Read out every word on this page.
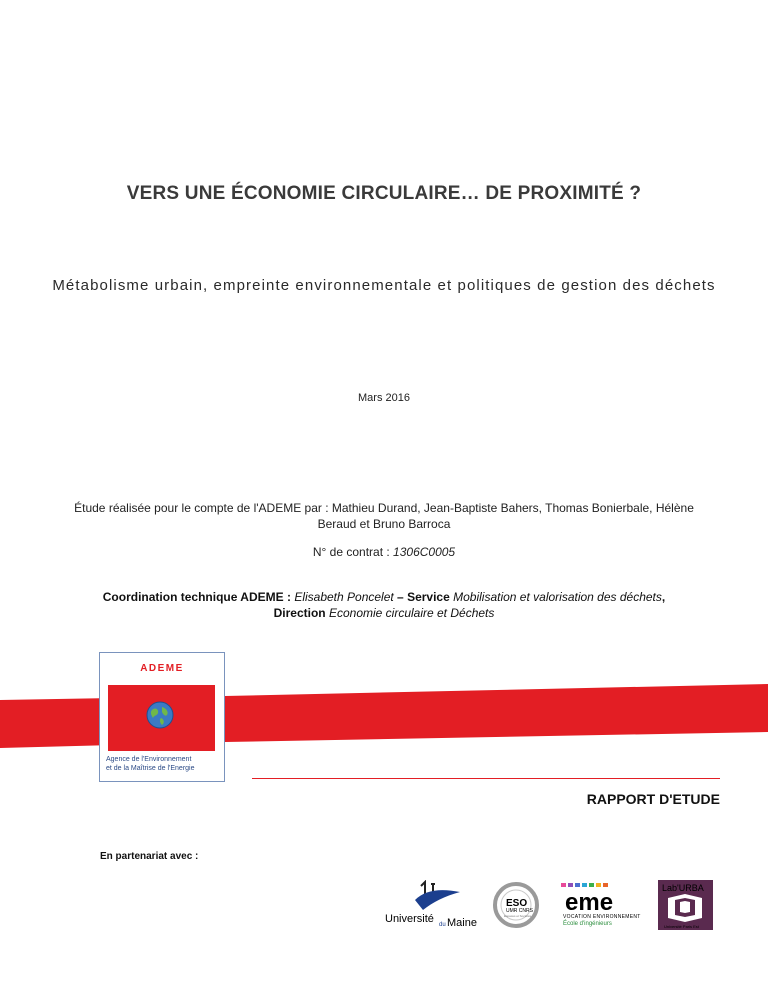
VERS UNE ÉCONOMIE CIRCULAIRE… DE PROXIMITÉ ?
Métabolisme urbain, empreinte environnementale et politiques de gestion des déchets
Mars 2016
Étude réalisée pour le compte de l'ADEME par : Mathieu Durand, Jean-Baptiste Bahers, Thomas Bonierbale, Hélène Beraud et Bruno Barroca
N° de contrat : 1306C0005
Coordination technique ADEME : Elisabeth Poncelet – Service Mobilisation et valorisation des déchets,
Direction Economie circulaire et Déchets
ADEME
Agence de l'Environnement
et de la Maîtrise de l'Energie
RAPPORT D'ETUDE
En partenariat avec :
Université du Maine
ESO
UMR CNRS
Espaces et Sociétés eme
VOCATION ENVIRONNEMENT
École d'ingénieurs
Lab'URBA
Université Paris Est
